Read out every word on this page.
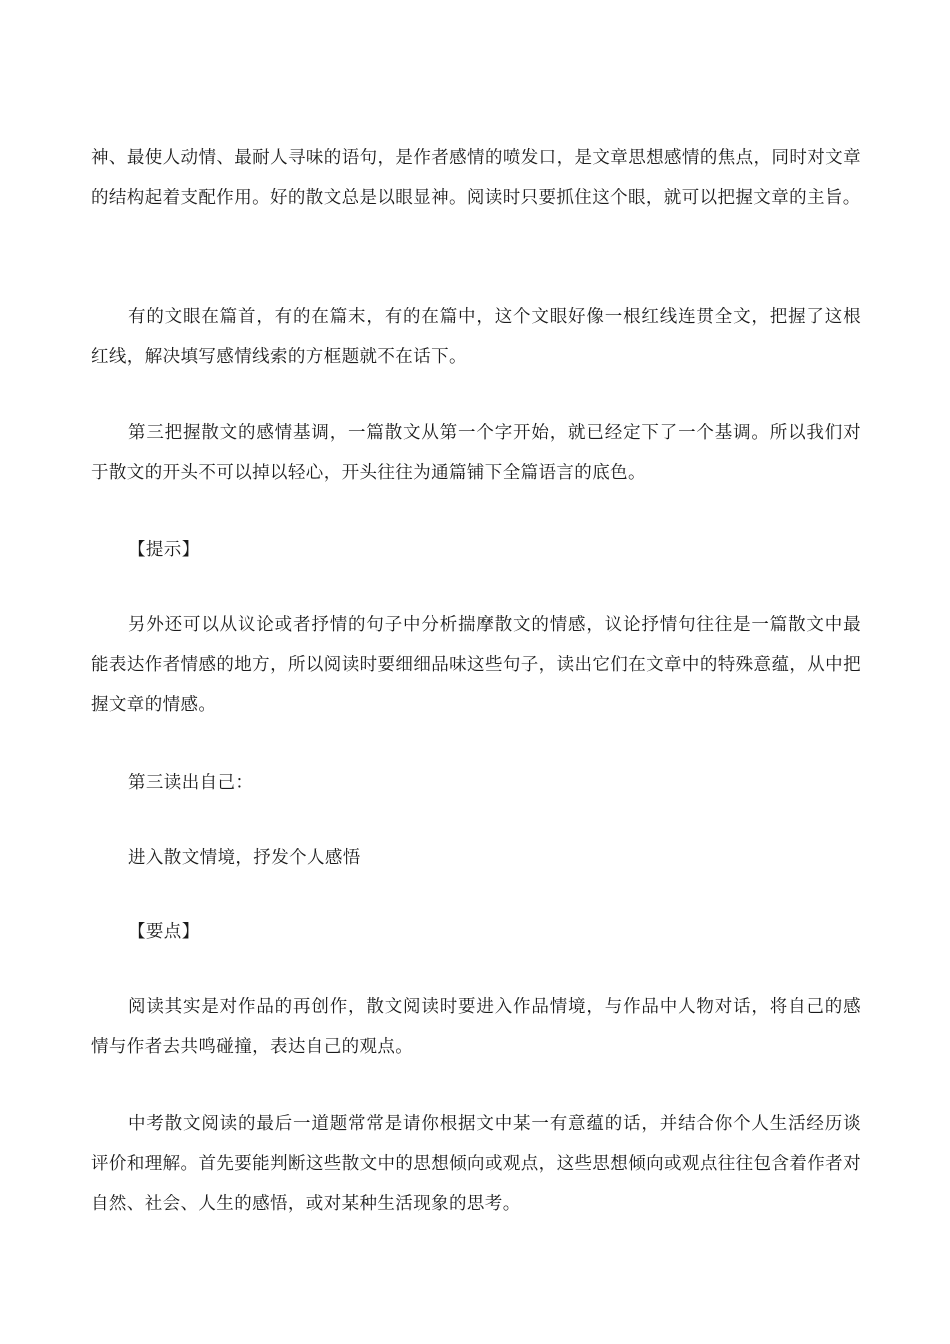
神、最使人动情、最耐人寻味的语句，是作者感情的喷发口，是文章思想感情的焦点，同时对文章的结构起着支配作用。好的散文总是以眼显神。阅读时只要抓住这个眼，就可以把握文章的主旨。

有的文眼在篇首，有的在篇末，有的在篇中，这个文眼好像一根红线连贯全文，把握了这根红线，解决填写感情线索的方框题就不在话下。

第三把握散文的感情基调，一篇散文从第一个字开始，就已经定下了一个基调。所以我们对于散文的开头不可以掉以轻心，开头往往为通篇铺下全篇语言的底色。

【提示】

另外还可以从议论或者抒情的句子中分析揣摩散文的情感，议论抒情句往往是一篇散文中最能表达作者情感的地方，所以阅读时要细细品味这些句子，读出它们在文章中的特殊意蕴，从中把握文章的情感。

第三读出自己：

进入散文情境，抒发个人感悟

【要点】

阅读其实是对作品的再创作，散文阅读时要进入作品情境，与作品中人物对话，将自己的感情与作者去共鸣碰撞，表达自己的观点。

中考散文阅读的最后一道题常常是请你根据文中某一有意蕴的话，并结合你个人生活经历谈评价和理解。首先要能判断这些散文中的思想倾向或观点，这些思想倾向或观点往往包含着作者对自然、社会、人生的感悟，或对某种生活现象的思考。
